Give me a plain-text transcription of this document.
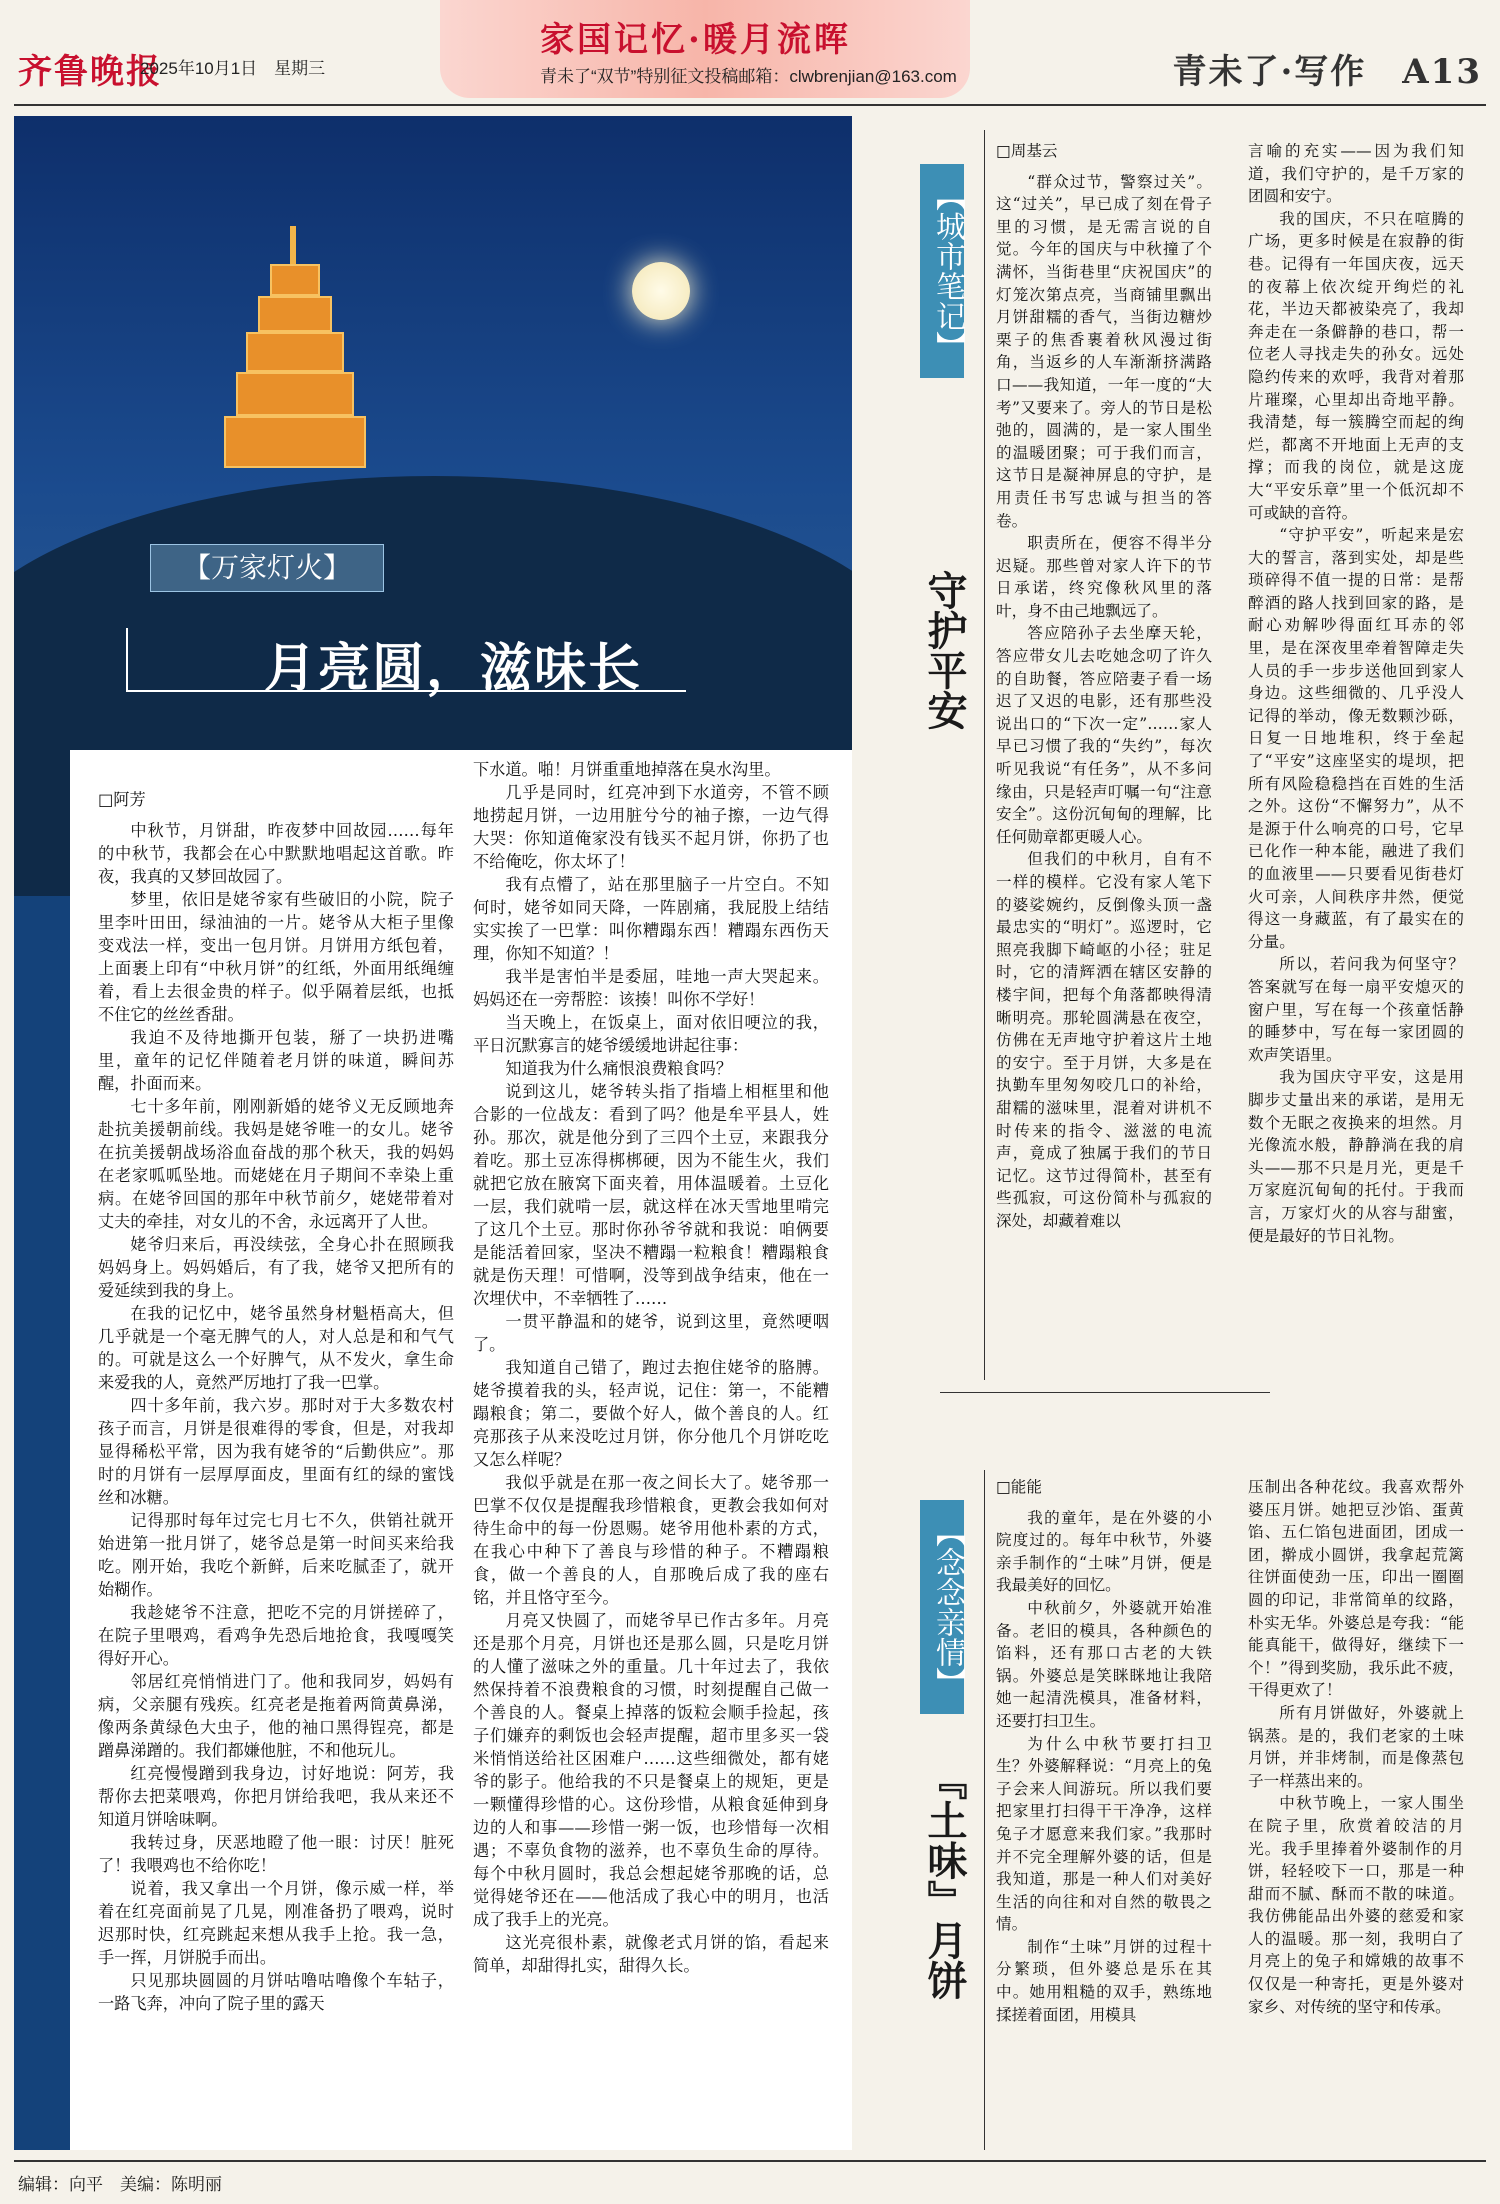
齐鲁晚报
2025年10月1日　星期三
家国记忆·暖月流晖
青未了“双节”特别征文投稿邮箱：clwbrenjian@163.com	青未了·写作　A13
【万家灯火】
月亮圆，滋味长

□阿芳

中秋节，月饼甜，昨夜梦中回故园……每年的中秋节，我都会在心中默默地唱起这首歌。昨夜，我真的又梦回故园了。

梦里，依旧是姥爷家有些破旧的小院，院子里李叶田田，绿油油的一片。姥爷从大柜子里像变戏法一样，变出一包月饼。月饼用方纸包着，上面裹上印有“中秋月饼”的红纸，外面用纸绳缠着，看上去很金贵的样子。似乎隔着层纸，也抵不住它的丝丝香甜。

我迫不及待地撕开包装，掰了一块扔进嘴里，童年的记忆伴随着老月饼的味道，瞬间苏醒，扑面而来。

七十多年前，刚刚新婚的姥爷义无反顾地奔赴抗美援朝前线。我妈是姥爷唯一的女儿。姥爷在抗美援朝战场浴血奋战的那个秋天，我的妈妈在老家呱呱坠地。而姥姥在月子期间不幸染上重病。在姥爷回国的那年中秋节前夕，姥姥带着对丈夫的牵挂，对女儿的不舍，永远离开了人世。

姥爷归来后，再没续弦，全身心扑在照顾我妈妈身上。妈妈婚后，有了我，姥爷又把所有的爱延续到我的身上。

在我的记忆中，姥爷虽然身材魁梧高大，但几乎就是一个毫无脾气的人，对人总是和和气气的。可就是这么一个好脾气，从不发火，拿生命来爱我的人，竟然严厉地打了我一巴掌。

四十多年前，我六岁。那时对于大多数农村孩子而言，月饼是很难得的零食，但是，对我却显得稀松平常，因为我有姥爷的“后勤供应”。那时的月饼有一层厚厚面皮，里面有红的绿的蜜饯丝和冰糖。

记得那时每年过完七月七不久，供销社就开始进第一批月饼了，姥爷总是第一时间买来给我吃。刚开始，我吃个新鲜，后来吃腻歪了，就开始糊作。

我趁姥爷不注意，把吃不完的月饼搓碎了，在院子里喂鸡，看鸡争先恐后地抢食，我嘎嘎笑得好开心。

邻居红亮悄悄进门了。他和我同岁，妈妈有病，父亲腿有残疾。红亮老是拖着两筒黄鼻涕，像两条黄绿色大虫子，他的袖口黑得锃亮，都是蹭鼻涕蹭的。我们都嫌他脏，不和他玩儿。

红亮慢慢蹭到我身边，讨好地说：阿芳，我帮你去把菜喂鸡，你把月饼给我吧，我从来还不知道月饼啥味啊。

我转过身，厌恶地瞪了他一眼：讨厌！脏死了！我喂鸡也不给你吃！

说着，我又拿出一个月饼，像示威一样，举着在红亮面前晃了几晃，刚准备扔了喂鸡，说时迟那时快，红亮跳起来想从我手上抢。我一急，手一挥，月饼脱手而出。

只见那块圆圆的月饼咕噜咕噜像个车轱子，一路飞奔，冲向了院子里的露天

下水道。啪！月饼重重地掉落在臭水沟里。

几乎是同时，红亮冲到下水道旁，不管不顾地捞起月饼，一边用脏兮兮的袖子擦，一边气得大哭：你知道俺家没有钱买不起月饼，你扔了也不给俺吃，你太坏了！

我有点懵了，站在那里脑子一片空白。不知何时，姥爷如同天降，一阵剧痛，我屁股上结结实实挨了一巴掌：叫你糟蹋东西！糟蹋东西伤天理，你知不知道？！

我半是害怕半是委屈，哇地一声大哭起来。妈妈还在一旁帮腔：该揍！叫你不学好！

当天晚上，在饭桌上，面对依旧哽泣的我，平日沉默寡言的姥爷缓缓地讲起往事：

知道我为什么痛恨浪费粮食吗？

说到这儿，姥爷转头指了指墙上相框里和他合影的一位战友：看到了吗？他是牟平县人，姓孙。那次，就是他分到了三四个土豆，来跟我分着吃。那土豆冻得梆梆硬，因为不能生火，我们就把它放在腋窝下面夹着，用体温暖着。土豆化一层，我们就啃一层，就这样在冰天雪地里啃完了这几个土豆。那时你孙爷爷就和我说：咱俩要是能活着回家，坚决不糟蹋一粒粮食！糟蹋粮食就是伤天理！可惜啊，没等到战争结束，他在一次埋伏中，不幸牺牲了……

一贯平静温和的姥爷，说到这里，竟然哽咽了。

我知道自己错了，跑过去抱住姥爷的胳膊。姥爷摸着我的头，轻声说，记住：第一，不能糟蹋粮食；第二，要做个好人，做个善良的人。红亮那孩子从来没吃过月饼，你分他几个月饼吃吃又怎么样呢？

我似乎就是在那一夜之间长大了。姥爷那一巴掌不仅仅是提醒我珍惜粮食，更教会我如何对待生命中的每一份恩赐。姥爷用他朴素的方式，在我心中种下了善良与珍惜的种子。不糟蹋粮食，做一个善良的人，自那晚后成了我的座右铭，并且恪守至今。

月亮又快圆了，而姥爷早已作古多年。月亮还是那个月亮，月饼也还是那么圆，只是吃月饼的人懂了滋味之外的重量。几十年过去了，我依然保持着不浪费粮食的习惯，时刻提醒自己做一个善良的人。餐桌上掉落的饭粒会顺手捡起，孩子们嫌弃的剩饭也会轻声提醒，超市里多买一袋米悄悄送给社区困难户……这些细微处，都有姥爷的影子。他给我的不只是餐桌上的规矩，更是一颗懂得珍惜的心。这份珍惜，从粮食延伸到身边的人和事——珍惜一粥一饭，也珍惜每一次相遇；不辜负食物的滋养，也不辜负生命的厚待。每个中秋月圆时，我总会想起姥爷那晚的话，总觉得姥爷还在——他活成了我心中的明月，也活成了我手上的光亮。

这光亮很朴素，就像老式月饼的馅，看起来简单，却甜得扎实，甜得久长。

【城市笔记】
守护平安

□周基云

“群众过节，警察过关”。这“过关”，早已成了刻在骨子里的习惯，是无需言说的自觉。今年的国庆与中秋撞了个满怀，当街巷里“庆祝国庆”的灯笼次第点亮，当商铺里飘出月饼甜糯的香气，当街边糖炒栗子的焦香裹着秋风漫过街角，当返乡的人车渐渐挤满路口——我知道，一年一度的“大考”又要来了。旁人的节日是松弛的，圆满的，是一家人围坐的温暖团聚；可于我们而言，这节日是凝神屏息的守护，是用责任书写忠诚与担当的答卷。

职责所在，便容不得半分迟疑。那些曾对家人许下的节日承诺，终究像秋风里的落叶，身不由己地飘远了。

答应陪孙子去坐摩天轮，答应带女儿去吃她念叨了许久的自助餐，答应陪妻子看一场迟了又迟的电影，还有那些没说出口的“下次一定”……家人早已习惯了我的“失约”，每次听见我说“有任务”，从不多问缘由，只是轻声叮嘱一句“注意安全”。这份沉甸甸的理解，比任何勋章都更暖人心。

但我们的中秋月，自有不一样的模样。它没有家人笔下的婆娑婉约，反倒像头顶一盏最忠实的“明灯”。巡逻时，它照亮我脚下崎岖的小径；驻足时，它的清辉洒在辖区安静的楼宇间，把每个角落都映得清晰明亮。那轮圆满悬在夜空，仿佛在无声地守护着这片土地的安宁。至于月饼，大多是在执勤车里匆匆咬几口的补给，甜糯的滋味里，混着对讲机不时传来的指令、滋滋的电流声，竟成了独属于我们的节日记忆。这节过得简朴，甚至有些孤寂，可这份简朴与孤寂的深处，却藏着难以

言喻的充实——因为我们知道，我们守护的，是千万家的团圆和安宁。

我的国庆，不只在喧腾的广场，更多时候是在寂静的街巷。记得有一年国庆夜，远天的夜幕上依次绽开绚烂的礼花，半边天都被染亮了，我却奔走在一条僻静的巷口，帮一位老人寻找走失的孙女。远处隐约传来的欢呼，我背对着那片璀璨，心里却出奇地平静。我清楚，每一簇腾空而起的绚烂，都离不开地面上无声的支撑；而我的岗位，就是这庞大“平安乐章”里一个低沉却不可或缺的音符。

“守护平安”，听起来是宏大的誓言，落到实处，却是些琐碎得不值一提的日常：是帮醉酒的路人找到回家的路，是耐心劝解吵得面红耳赤的邻里，是在深夜里牵着智障走失人员的手一步步送他回到家人身边。这些细微的、几乎没人记得的举动，像无数颗沙砾，日复一日地堆积，终于垒起了“平安”这座坚实的堤坝，把所有风险稳稳挡在百姓的生活之外。这份“不懈努力”，从不是源于什么响亮的口号，它早已化作一种本能，融进了我们的血液里——只要看见街巷灯火可亲，人间秩序井然，便觉得这一身藏蓝，有了最实在的分量。

所以，若问我为何坚守？答案就写在每一扇平安熄灭的窗户里，写在每一个孩童恬静的睡梦中，写在每一家团圆的欢声笑语里。

我为国庆守平安，这是用脚步丈量出来的承诺，是用无数个无眠之夜换来的坦然。月光像流水般，静静淌在我的肩头——那不只是月光，更是千万家庭沉甸甸的托付。于我而言，万家灯火的从容与甜蜜，便是最好的节日礼物。

【念念亲情】
『土味』月饼

□能能

我的童年，是在外婆的小院度过的。每年中秋节，外婆亲手制作的“土味”月饼，便是我最美好的回忆。

中秋前夕，外婆就开始准备。老旧的模具，各种颜色的馅料，还有那口古老的大铁锅。外婆总是笑眯眯地让我陪她一起清洗模具，准备材料，还要打扫卫生。

为什么中秋节要打扫卫生？外婆解释说：“月亮上的兔子会来人间游玩。所以我们要把家里打扫得干干净净，这样兔子才愿意来我们家。”我那时并不完全理解外婆的话，但是我知道，那是一种人们对美好生活的向往和对自然的敬畏之情。

制作“土味”月饼的过程十分繁琐，但外婆总是乐在其中。她用粗糙的双手，熟练地揉搓着面团，用模具

压制出各种花纹。我喜欢帮外婆压月饼。她把豆沙馅、蛋黄馅、五仁馅包进面团，团成一团，擀成小圆饼，我拿起荒篱往饼面使劲一压，印出一圈圈圆的印记，非常简单的纹路，朴实无华。外婆总是夸我：“能能真能干，做得好，继续下一个！”得到奖励，我乐此不疲，干得更欢了！

所有月饼做好，外婆就上锅蒸。是的，我们老家的土味月饼，并非烤制，而是像蒸包子一样蒸出来的。

中秋节晚上，一家人围坐在院子里，欣赏着皎洁的月光。我手里捧着外婆制作的月饼，轻轻咬下一口，那是一种甜而不腻、酥而不散的味道。我仿佛能品出外婆的慈爱和家人的温暖。那一刻，我明白了月亮上的兔子和嫦娥的故事不仅仅是一种寄托，更是外婆对家乡、对传统的坚守和传承。

编辑：向平　美编：陈明丽
